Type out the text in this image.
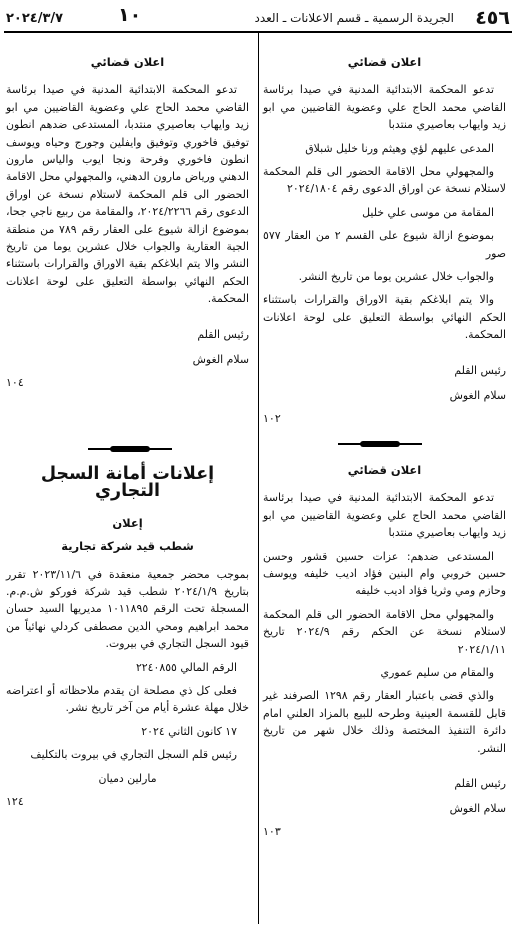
٤٥٦
الجريدة الرسمية ـ قسم الاعلانات ـ العدد
١٠
٢٠٢٤/٣/٧
اعلان قضائي

تدعو المحكمة الابتدائية المدنية في صيدا برئاسة القاضي محمد الحاج علي وعضوية القاضيين مي ابو زيد وايهاب بعاصيري منتدبا

المدعى عليهم لؤي وهيثم ورنا خليل شبلاق

والمجهولي محل الاقامة الحضور الى قلم المحكمة لاستلام نسخة عن اوراق الدعوى رقم ٢٠٢٤/١٨٠٤

المقامة من موسى علي خليل

بموضوع ازالة شيوع على القسم ٢ من العقار ٥٧٧ صور

والجواب خلال عشرين يوما من تاريخ النشر.

والا يتم ابلاغكم بقية الاوراق والقرارات باستثناء الحكم النهائي بواسطة التعليق على لوحة اعلانات المحكمة.

رئيس القلم
سلام الغوش
١٠٢
اعلان قضائي

تدعو المحكمة الابتدائية المدنية في صيدا برئاسة القاضي محمد الحاج علي وعضوية القاضيين مي ابو زيد وايهاب بعاصيري منتدبا

المستدعى ضدهم: عزات حسين قشور وحسن حسين خروبي وام البنين فؤاد اديب خليفه ويوسف وحازم ومي وثريا فؤاد اديب خليفه

والمجهولي محل الاقامة الحضور الى قلم المحكمة لاستلام نسخة عن الحكم رقم ٢٠٢٤/٩ تاريخ ٢٠٢٤/١/١١

والمقام من سليم عموري

والذي قضى باعتبار العقار رقم ١٢٩٨ الصرفند غير قابل للقسمة العينية وطرحه للبيع بالمزاد العلني امام دائرة التنفيذ المختصة وذلك خلال شهر من تاريخ النشر.

رئيس القلم
سلام الغوش
١٠٣
اعلان قضائي

تدعو المحكمة الابتدائية المدنية في صيدا برئاسة القاضي محمد الحاج علي وعضوية القاضيين مي ابو زيد وايهاب بعاصيري منتدبا، المستدعى ضدهم انطون توفيق فاخوري وتوفيق وايفلين وجورج وحياه ويوسف انطون فاخوري وفرحة ونجا ايوب والياس مارون الدهني ورياض مارون الدهني، والمجهولي محل الاقامة الحضور الى قلم المحكمة لاستلام نسخة عن اوراق الدعوى رقم ٢٠٢٤/٢٢٦٦، والمقامة من ربيع ناجي جحا، بموضوع ازالة شيوع على العقار رقم ٧٨٩ من منطقة الجية العقارية والجواب خلال عشرين يوما من تاريخ النشر والا يتم ابلاغكم بقية الاوراق والقرارات باستثناء الحكم النهائي بواسطة التعليق على لوحة اعلانات المحكمة.

رئيس القلم
سلام الغوش
١٠٤
إعلانات أمانة السجل التجاري
إعلان
شطب قيد شركة تجارية

بموجب محضر جمعية منعقدة في ٢٠٢٣/١١/٦ تقرر بتاريخ ٢٠٢٤/١/٩ شطب قيد شركة فوركو ش.م.م. المسجلة تحت الرقم ١٠١١٨٩٥ مديريها السيد حسان محمد ابراهيم ومحي الدين مصطفى كردلي نهائياً من قيود السجل التجاري في بيروت.

الرقم المالي ٢٢٤٠٨٥٥

فعلى كل ذي مصلحة ان يقدم ملاحظاته أو اعتراضه خلال مهلة عشرة أيام من آخر تاريخ نشر.

١٧ كانون الثاني ٢٠٢٤

رئيس قلم السجل التجاري في بيروت بالتكليف

مارلين دميان

١٢٤
